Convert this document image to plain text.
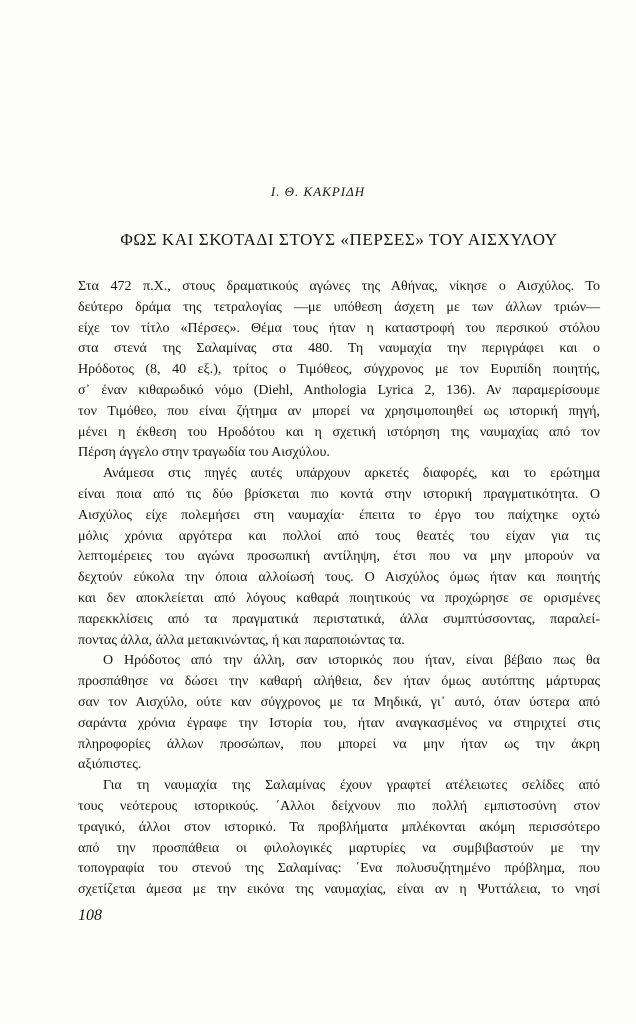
Ι. Θ. ΚΑΚΡΙΔΗ
ΦΩΣ ΚΑΙ ΣΚΟΤΑΔΙ ΣΤΟΥΣ «ΠΕΡΣΕΣ» ΤΟΥ ΑΙΣΧΥΛΟΥ
Στα 472 π.Χ., στους δραματικούς αγώνες της Αθήνας, νίκησε ο Αισχύλος. Το
δεύτερο δράμα της τετραλογίας —με υπόθεση άσχετη με των άλλων τριών—
είχε τον τίτλο «Πέρσες». Θέμα τους ήταν η καταστροφή του περσικού στόλου
στα στενά της Σαλαμίνας στα 480. Τη ναυμαχία την περιγράφει και ο
Ηρόδοτος (8, 40 εξ.), τρίτος ο Τιμόθεος, σύγχρονος με τον Ευριπίδη ποιητής,
σ᾽ έναν κιθαρωδικό νόμο (Diehl, Anthologia Lyrica 2, 136). Αν παραμερίσουμε
τον Τιμόθεο, που είναι ζήτημα αν μπορεί να χρησιμοποιηθεί ως ιστορική πηγή,
μένει η έκθεση του Ηροδότου και η σχετική ιστόρηση της ναυμαχίας από τον
Πέρση άγγελο στην τραγωδία του Αισχύλου.
Ανάμεσα στις πηγές αυτές υπάρχουν αρκετές διαφορές, και το ερώτημα
είναι ποια από τις δύο βρίσκεται πιο κοντά στην ιστορική πραγματικότητα. Ο
Αισχύλος είχε πολεμήσει στη ναυμαχία· έπειτα το έργο του παίχτηκε οχτώ
μόλις χρόνια αργότερα και πολλοί από τους θεατές του είχαν για τις
λεπτομέρειες του αγώνα προσωπική αντίληψη, έτσι που να μην μπορούν να
δεχτούν εύκολα την όποια αλλοίωσή τους. Ο Αισχύλος όμως ήταν και ποιητής
και δεν αποκλείεται από λόγους καθαρά ποιητικούς να προχώρησε σε ορισμένες
παρεκκλίσεις από τα πραγματικά περιστατικά, άλλα συμπτύσσοντας, παραλεί-
ποντας άλλα, άλλα μετακινώντας, ή και παραποιώντας τα.
Ο Ηρόδοτος από την άλλη, σαν ιστορικός που ήταν, είναι βέβαιο πως θα
προσπάθησε να δώσει την καθαρή αλήθεια, δεν ήταν όμως αυτόπτης μάρτυρας
σαν τον Αισχύλο, ούτε καν σύγχρονος με τα Μηδικά, γι᾽ αυτό, όταν ύστερα από
σαράντα χρόνια έγραφε την Ιστορία του, ήταν αναγκασμένος να στηριχτεί στις
πληροφορίες άλλων προσώπων, που μπορεί να μην ήταν ως την άκρη
αξιόπιστες.
Για τη ναυμαχία της Σαλαμίνας έχουν γραφτεί ατέλειωτες σελίδες από
τους νεότερους ιστορικούς. ΄Αλλοι δείχνουν πιο πολλή εμπιστοσύνη στον
τραγικό, άλλοι στον ιστορικό. Τα προβλήματα μπλέκονται ακόμη περισσότερο
από την προσπάθεια οι φιλολογικές μαρτυρίες να συμβιβαστούν με την
τοπογραφία του στενού της Σαλαμίνας: ΄Ενα πολυσυζητημένο πρόβλημα, που
σχετίζεται άμεσα με την εικόνα της ναυμαχίας, είναι αν η Ψυττάλεια, το νησί
108
